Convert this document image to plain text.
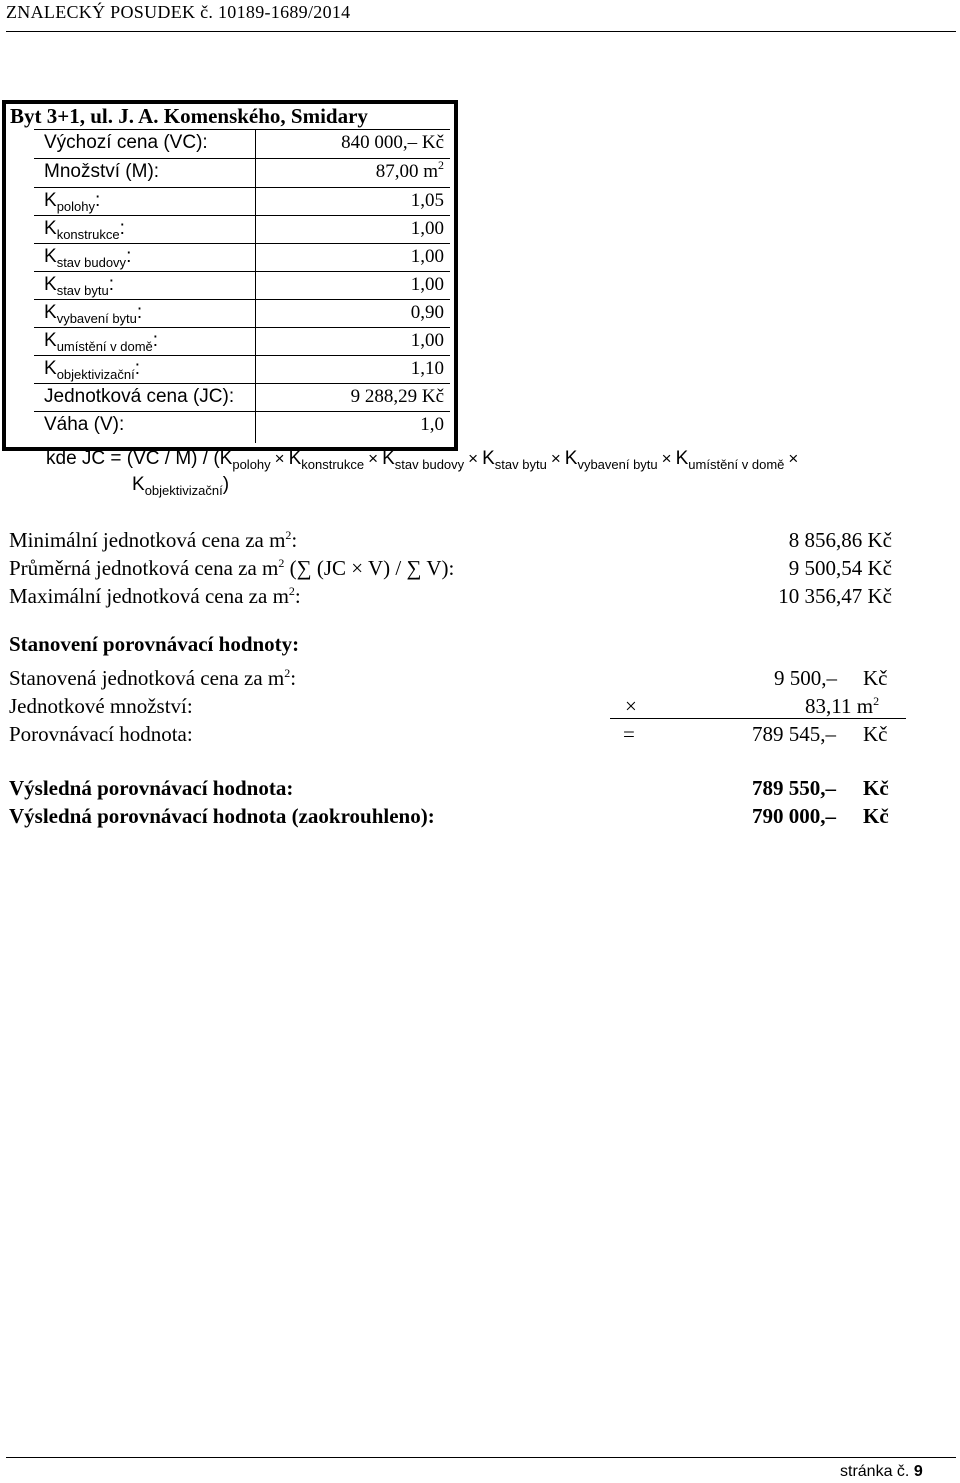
ZNALECKÝ POSUDEK č. 10189-1689/2014
Byt 3+1, ul. J. A. Komenského, Smidary
Výchozí cena (VC):	840 000,– Kč
Množství (M):	87,00 $m^2$
$K_{polohy}$:	1,05
$K_{konstrukce}$:	1,00
$K_{stav budovy}$:	1,00
$K_{stav bytu}$:	1,00
$K_{vybavení bytu}$:	0,90
$K_{umístění v domě}$:	1,00
$K_{objektivizační}$:	1,10
Jednotková cena (JC):	9 288,29 Kč
Váha (V):	1,0
kde JC = $(VC / M) / (K_{polohy} \times K_{konstrukce} \times K_{stav budovy} \times K_{stav bytu} \times K_{vybavení bytu} \times K_{umístění v domě}$ ×
$K_{objektivizační}$)
Minimální jednotková cena za $m^2$:	8 856,86 Kč
Průměrná jednotková cena za $m^2$ (∑ (JC × V) / ∑ V):	9 500,54 Kč
Maximální jednotková cena za $m^2$:	10 356,47 Kč
Stanovení porovnávací hodnoty:
Stanovená jednotková cena za $m^2$:	9 500,– Kč
Jednotkové množství:	×	83,11 $m^2$
Porovnávací hodnota:	=	789 545,– Kč
Výsledná porovnávací hodnota:	789 550,– Kč
Výsledná porovnávací hodnota (zaokrouhleno):	790 000,– Kč
stránka č. 9
